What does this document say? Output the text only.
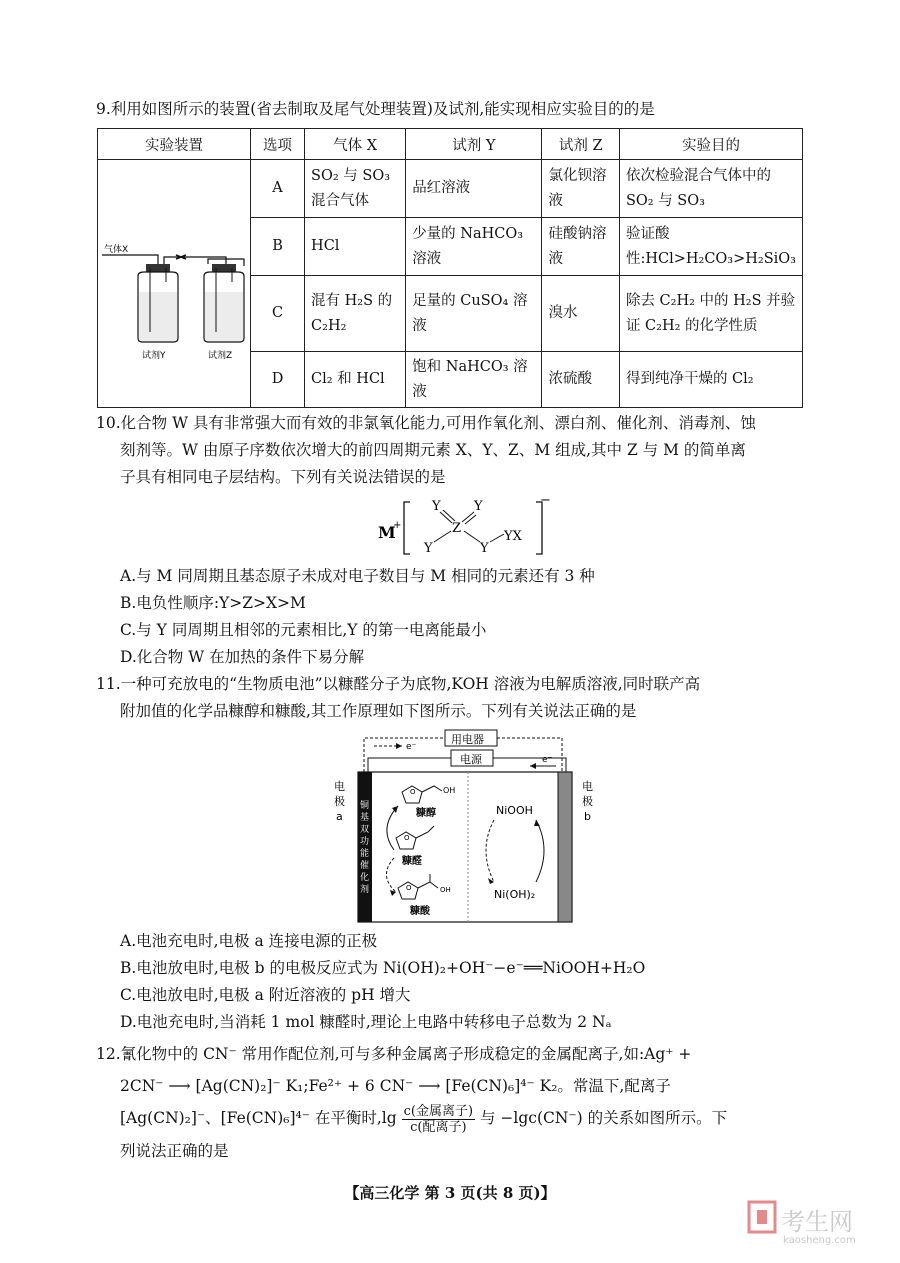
9.利用如图所示的装置(省去制取及尾气处理装置)及试剂,能实现相应实验目的的是

实验装置	选项	气体 X	试剂 Y	试剂 Z	实验目的

气体X
试剂Y 试剂Z	A	SO₂ 与 SO₃ 混合气体	品红溶液	氯化钡溶液	依次检验混合气体中的 SO₂ 与 SO₃
	B	HCl	少量的 NaHCO₃ 溶液	硅酸钠溶液	验证酸性:HCl>H₂CO₃>H₂SiO₃
	C	混有 H₂S 的 C₂H₂	足量的 CuSO₄ 溶液	溴水	除去 C₂H₂ 中的 H₂S 并验证 C₂H₂ 的化学性质
	D	Cl₂ 和 HCl	饱和 NaHCO₃ 溶液	浓硫酸	得到纯净干燥的 Cl₂

10.化合物 W 具有非常强大而有效的非氯氧化能力,可用作氧化剂、漂白剂、催化剂、消毒剂、蚀

刻剂等。W 由原子序数依次增大的前四周期元素 X、Y、Z、M 组成,其中 Z 与 M 的简单离

子具有相同电子层结构。下列有关说法错误的是

M
+
−
Z
Y	Y
Y	Y
YX

A.与 M 同周期且基态原子未成对电子数目与 M 相同的元素还有 3 种

B.电负性顺序:Y>Z>X>M

C.与 Y 同周期且相邻的元素相比,Y 的第一电离能最小

D.化合物 W 在加热的条件下易分解

11.一种可充放电的“生物质电池”以糠醛分子为底物,KOH 溶液为电解质溶液,同时联产高

附加值的化学品糠醇和糠酸,其工作原理如下图所示。下列有关说法正确的是

用电器
电源
e⁻
e⁻
铜
基
双
功
能
催
化
剂
电
极
a
电
极
b
O	OH
糠醇
O
糠醛
O	OH
糠酸
NiOOH
Ni(OH)₂

A.电池充电时,电极 a 连接电源的正极

B.电池放电时,电极 b 的电极反应式为 Ni(OH)₂+OH⁻−e⁻══NiOOH+H₂O

C.电池放电时,电极 a 附近溶液的 pH 增大

D.电池充电时,当消耗 1 mol 糠醛时,理论上电路中转移电子总数为 2 Nₐ

12.氰化物中的 CN⁻ 常用作配位剂,可与多种金属离子形成稳定的金属配离子,如:Ag⁺ +

2CN⁻ ⟶ [Ag(CN)₂]⁻ K₁;Fe²⁺ + 6 CN⁻ ⟶ [Fe(CN)₆]⁴⁻ K₂。常温下,配离子

[Ag(CN)₂]⁻、[Fe(CN)₆]⁴⁻ 在平衡时$,\lg \frac{\text{c(金属离子)}}{\text{c(配离子)}}$ 与 −lgc(CN⁻) 的关系如图所示。下

列说法正确的是

【高三化学 第 3 页(共 8 页)】
考生网
kaosheng.com
